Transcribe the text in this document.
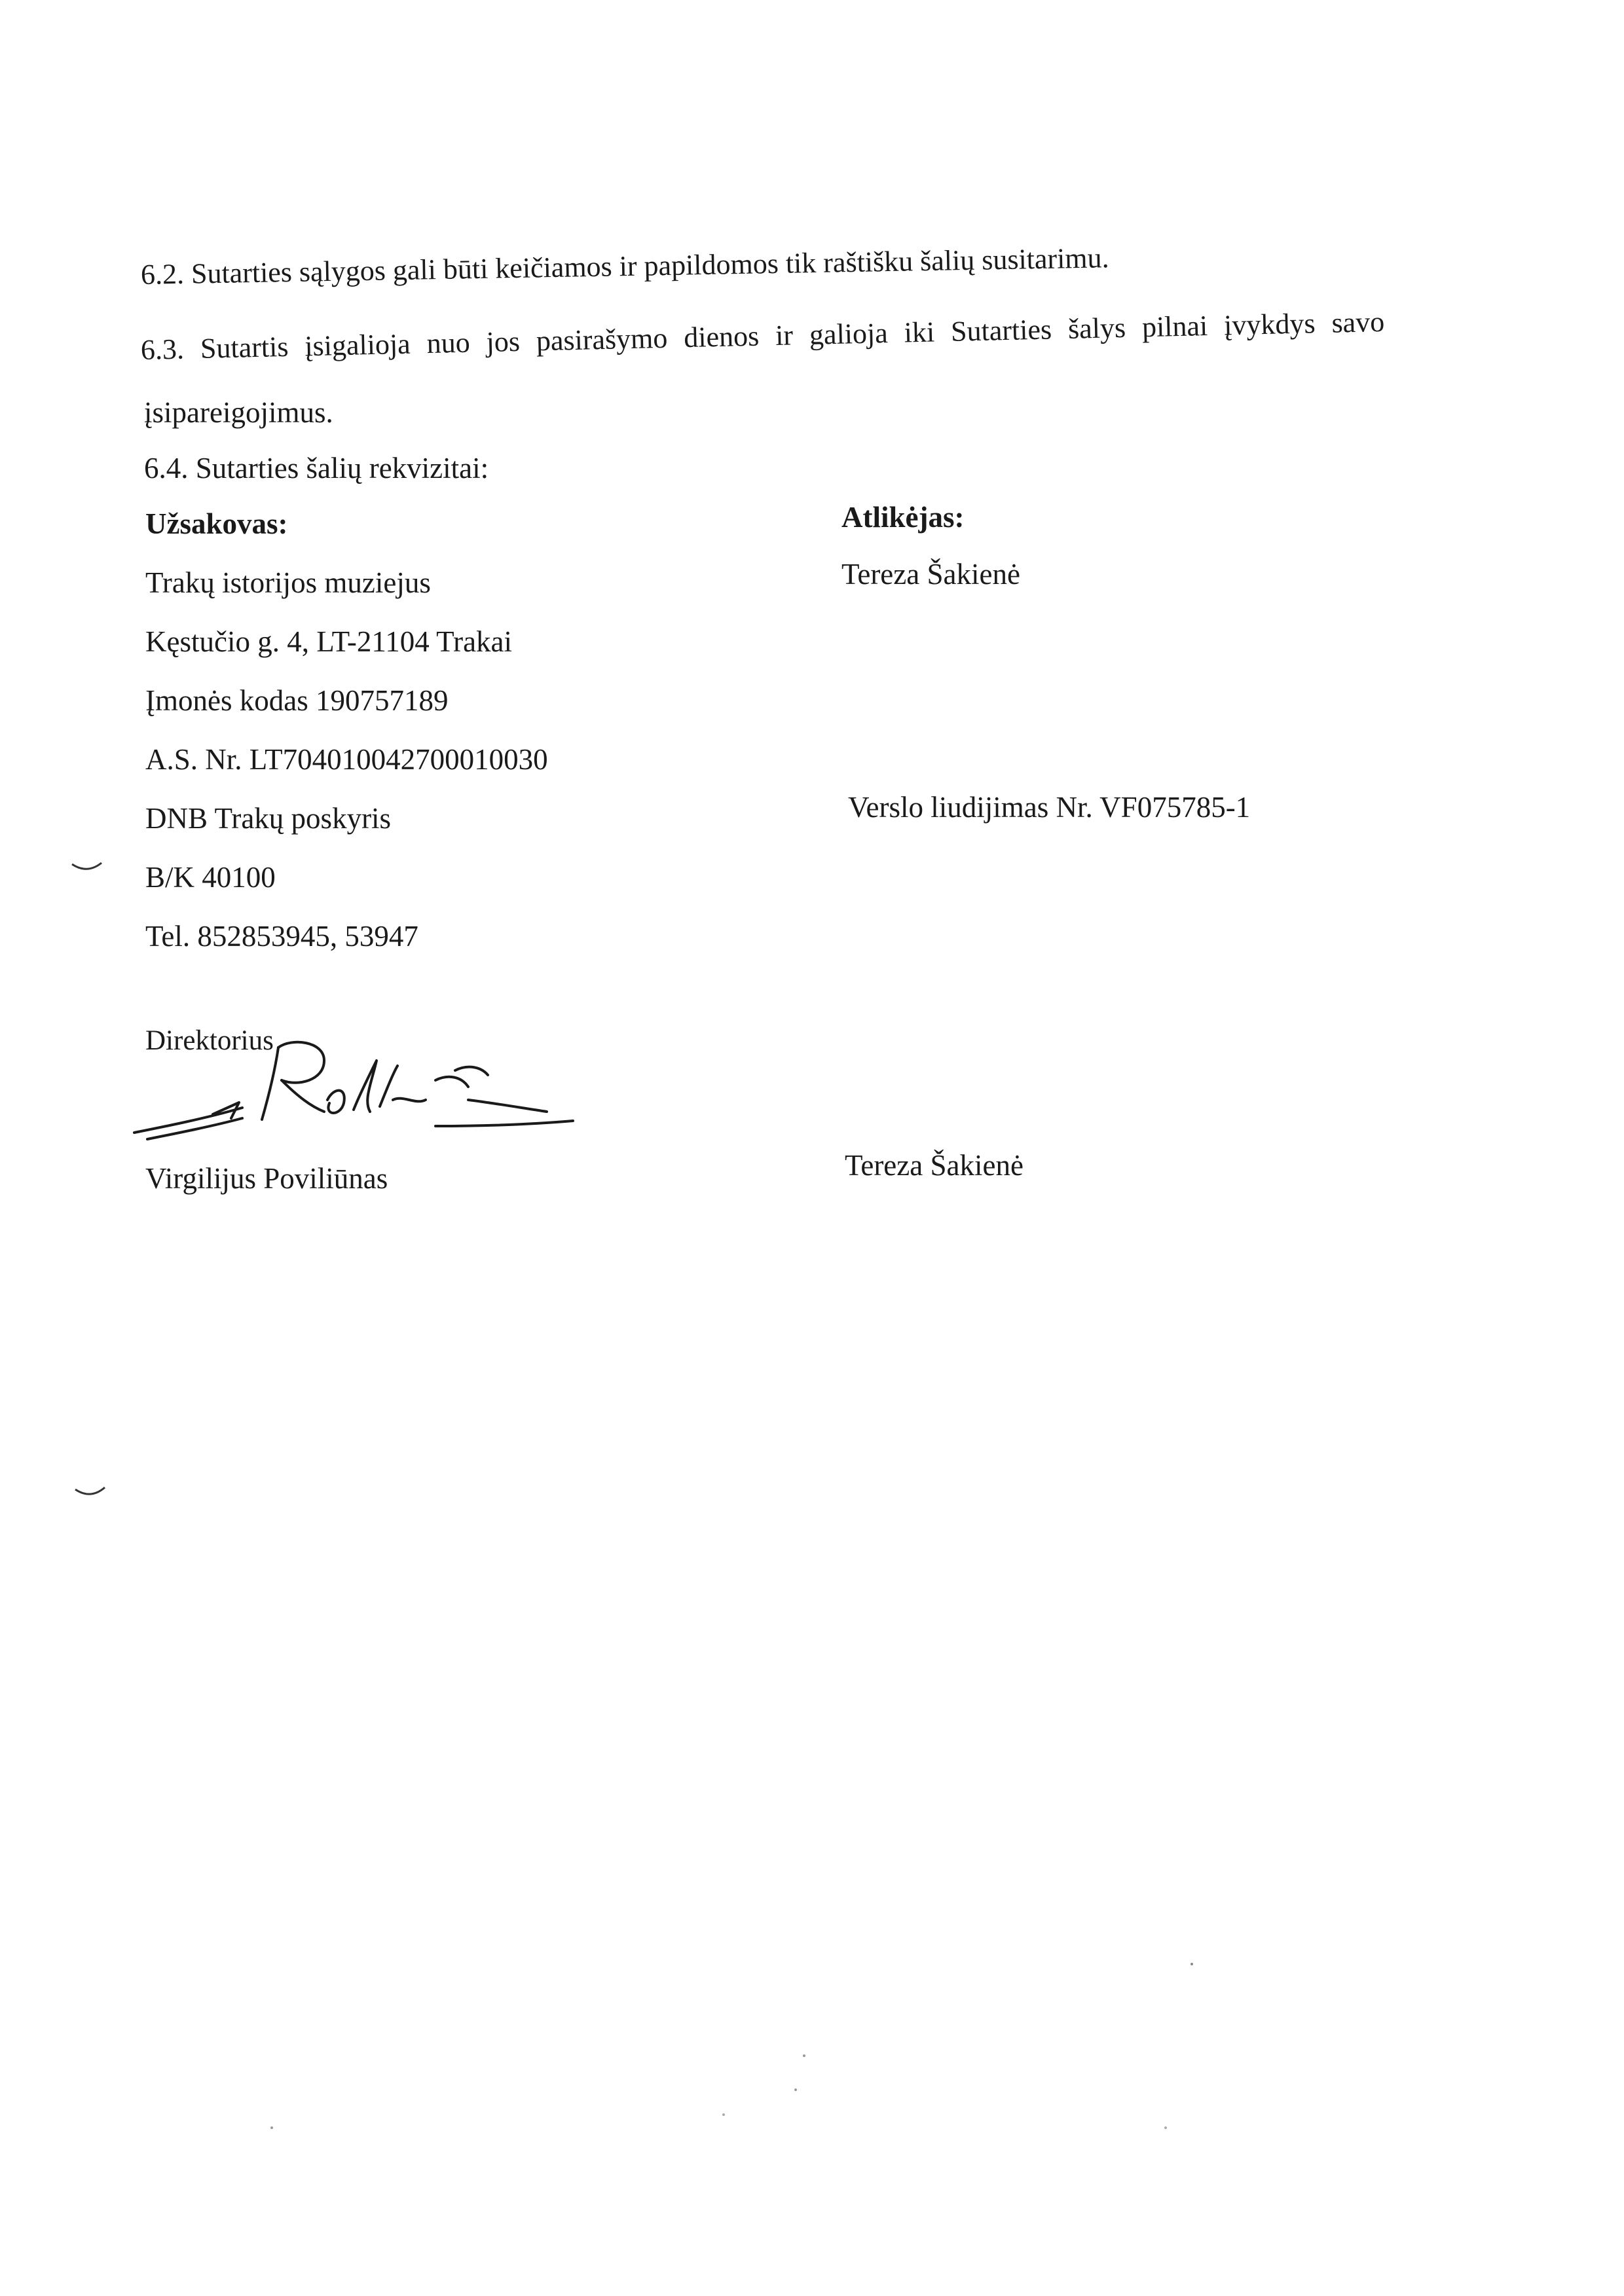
6.2. Sutarties sąlygos gali būti keičiamos ir papildomos tik raštišku šalių susitarimu.
6.3. Sutartis įsigalioja nuo jos pasirašymo dienos ir galioja iki Sutarties šalys pilnai įvykdys savo
įsipareigojimus.
6.4. Sutarties šalių rekvizitai:
Užsakovas:
Trakų istorijos muziejus
Kęstučio g. 4, LT-21104 Trakai
Įmonės kodas 190757189
A.S. Nr. LT704010042700010030
DNB Trakų poskyris
B/K 40100
Tel. 852853945, 53947
Direktorius
Virgilijus Poviliūnas
Atlikėjas:
Tereza Šakienė
Verslo liudijimas Nr. VF075785-1
Tereza Šakienė
